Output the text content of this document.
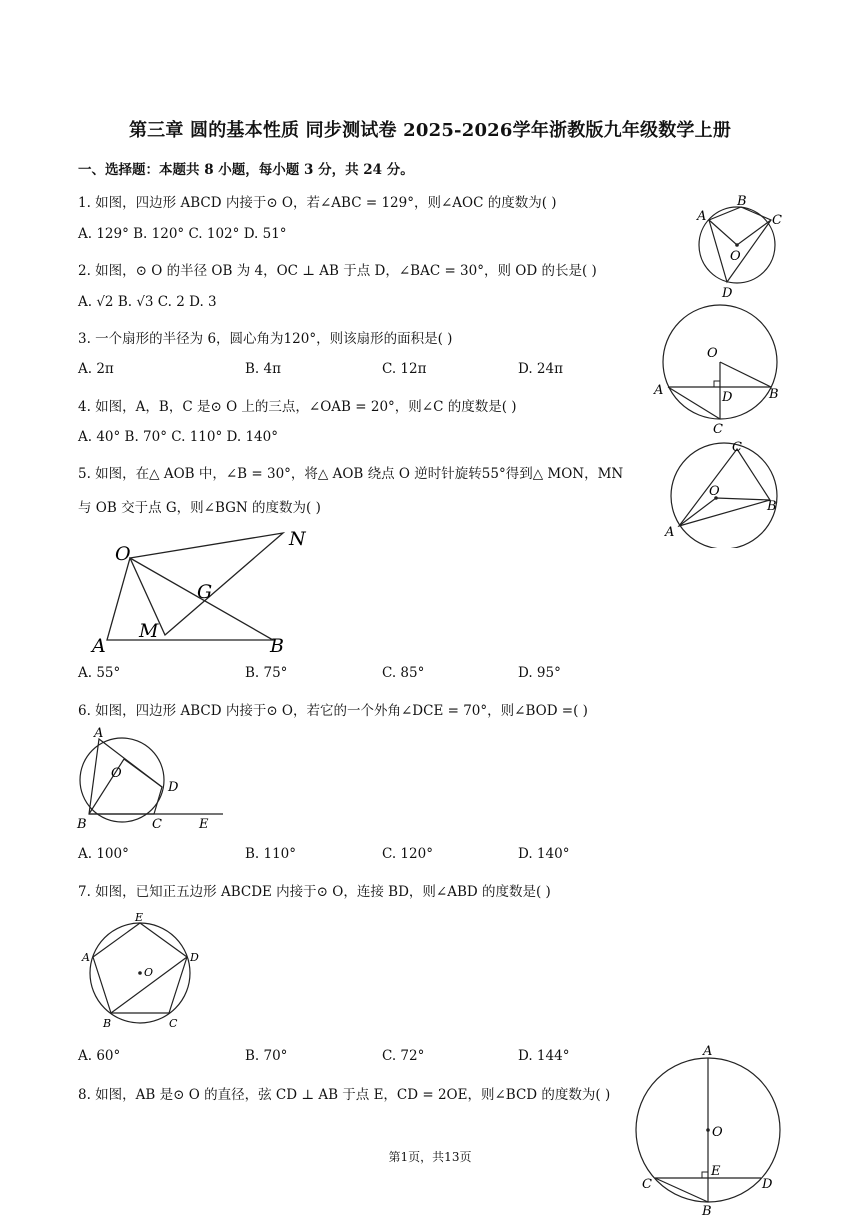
第三章 圆的基本性质 同步测试卷 2025-2026学年浙教版九年级数学上册
一、选择题：本题共 8 小题，每小题 3 分，共 24 分。
1. 如图，四边形 ABCD 内接于⊙ O，若∠ABC = 129°，则∠AOC 的度数为( )
A. 129° B. 120° C. 102° D. 51°
2. 如图，⊙ O 的半径 OB 为 4，OC ⊥ AB 于点 D，∠BAC = 30°，则 OD 的长是( )
A. √2 B. √3 C. 2 D. 3
3. 一个扇形的半径为 6，圆心角为120°，则该扇形的面积是( )
A. 2π	B. 4π	C. 12π	D. 24π
4. 如图，A，B，C 是⊙ O 上的三点，∠OAB = 20°，则∠C 的度数是( )
A. 40° B. 70° C. 110° D. 140°
5. 如图，在△ AOB 中，∠B = 30°，将△ AOB 绕点 O 逆时针旋转55°得到△ MON，MN
与 OB 交于点 G，则∠BGN 的度数为( )
A. 55°	B. 75°	C. 85°	D. 95°
6. 如图，四边形 ABCD 内接于⊙ O，若它的一个外角∠DCE = 70°，则∠BOD =( )
A. 100°	B. 110°	C. 120°	D. 140°
7. 如图，已知正五边形 ABCDE 内接于⊙ O，连接 BD，则∠ABD 的度数是( )
A. 60°	B. 70°	C. 72°	D. 144°
8. 如图，AB 是⊙ O 的直径，弦 CD ⊥ AB 于点 E，CD = 2OE，则∠BCD 的度数为( )
第1页，共13页
A
B
C
O
D
O
A	D	B
C
C
O
B
A
O
N
G
M
A	B
A
O
D
B	C	E
E
A
O
D
B	C
A
O
E
C	D
B
